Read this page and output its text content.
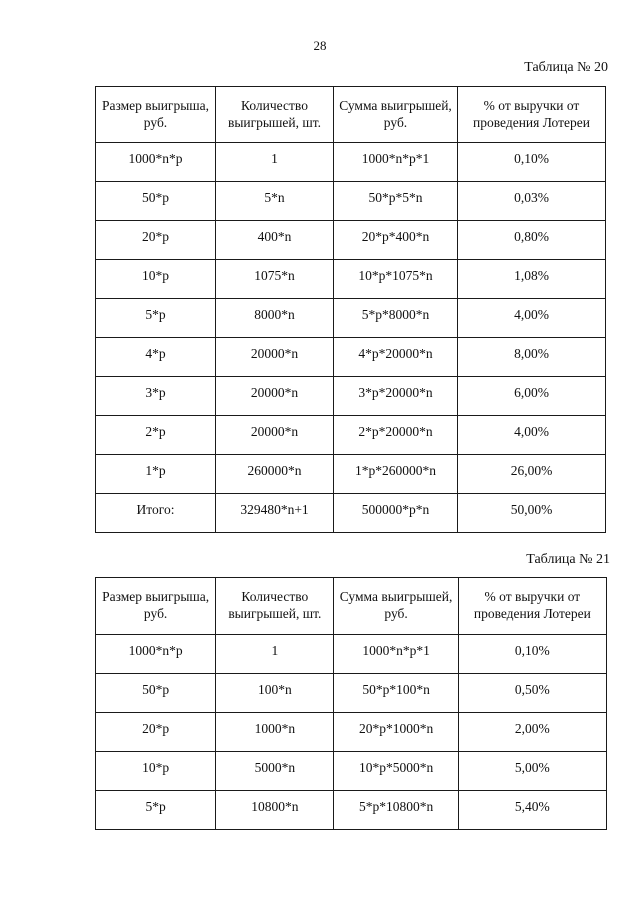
28
Таблица № 20
Размер выигрыша, руб.	Количество выигрышей, шт.	Сумма выигрышей, руб.	% от выручки от проведения Лотереи
1000*n*p	1	1000*n*p*1	0,10%
50*p	5*n	50*p*5*n	0,03%
20*p	400*n	20*p*400*n	0,80%
10*p	1075*n	10*p*1075*n	1,08%
5*p	8000*n	5*p*8000*n	4,00%
4*p	20000*n	4*p*20000*n	8,00%
3*p	20000*n	3*p*20000*n	6,00%
2*p	20000*n	2*p*20000*n	4,00%
1*p	260000*n	1*p*260000*n	26,00%
Итого:	329480*n+1	500000*p*n	50,00%
Таблица № 21
Размер выигрыша, руб.	Количество выигрышей, шт.	Сумма выигрышей, руб.	% от выручки от проведения Лотереи
1000*n*p	1	1000*n*p*1	0,10%
50*p	100*n	50*p*100*n	0,50%
20*p	1000*n	20*p*1000*n	2,00%
10*p	5000*n	10*p*5000*n	5,00%
5*p	10800*n	5*p*10800*n	5,40%
